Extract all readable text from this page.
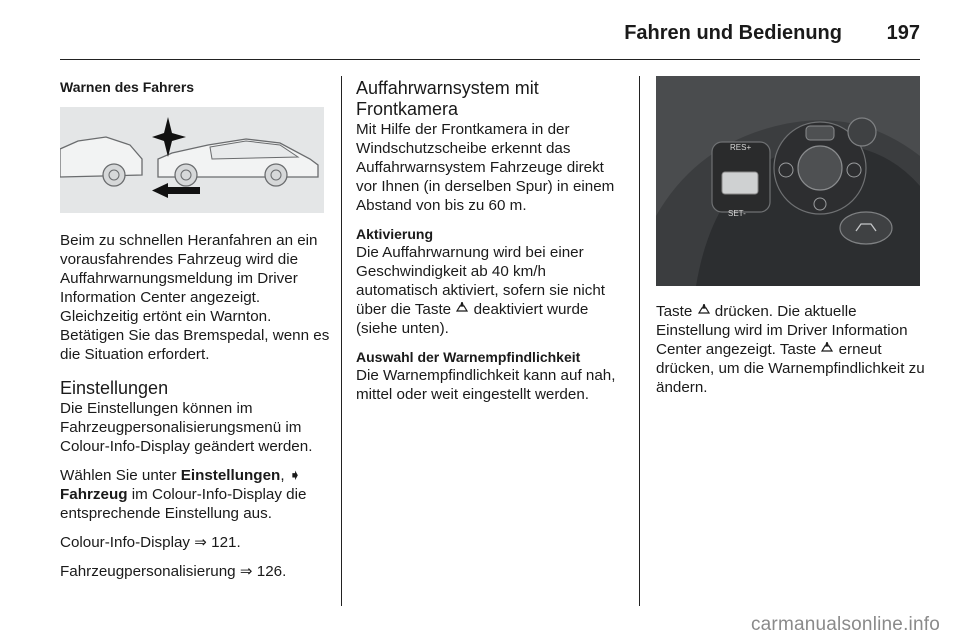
Fahren und Bedienung 197
Warnen des Fahrers

Beim zu schnellen Heranfahren an ein vorausfahrendes Fahrzeug wird die Auffahrwarnungsmeldung im Driver Information Center angezeigt. Gleichzeitig ertönt ein Warnton. Betätigen Sie das Bremspedal, wenn es die Situation erfordert.

Einstellungen

Die Einstellungen können im Fahrzeugpersonalisierungsmenü im Colour-Info-Display geändert werden.

Wählen Sie unter Einstellungen, ➧ Fahrzeug im Colour-Info-Display die entsprechende Einstellung aus.

Colour-Info-Display ⇒ 121.

Fahrzeugpersonalisierung ⇒ 126.

Auffahrwarnsystem mit Frontkamera

Mit Hilfe der Frontkamera in der Windschutzscheibe erkennt das Auffahrwarnsystem Fahrzeuge direkt vor Ihnen (in derselben Spur) in einem Abstand von bis zu 60 m.

Aktivierung

Die Auffahrwarnung wird bei einer Geschwindigkeit ab 40 km/h automatisch aktiviert, sofern sie nicht über die Taste  deaktiviert wurde (siehe unten).

Auswahl der Warnempfindlichkeit

Die Warnempfindlichkeit kann auf nah, mittel oder weit eingestellt werden.

RES+
SET-

Taste  drücken. Die aktuelle Einstellung wird im Driver Information Center angezeigt. Taste  erneut drücken, um die Warnempfindlichkeit zu ändern.

carmanualsonline.info
